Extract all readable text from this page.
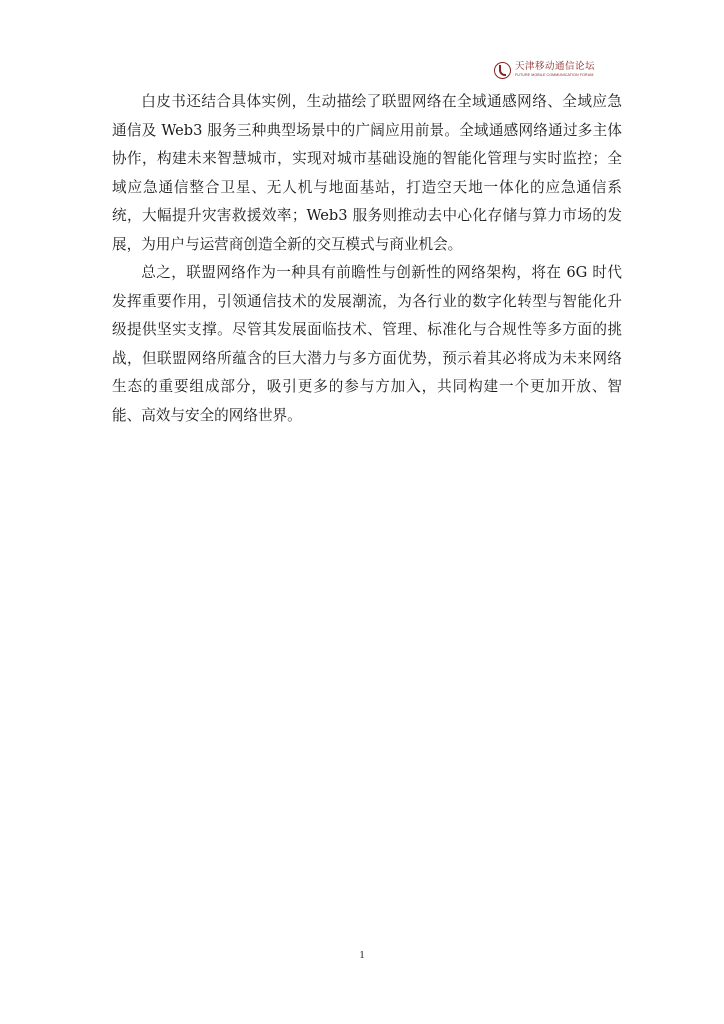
天津移动通信论坛
FUTURE MOBILE COMMUNICATION FORUM

白皮书还结合具体实例，生动描绘了联盟网络在全域通感网络、全域应急通信及 Web3 服务三种典型场景中的广阔应用前景。全域通感网络通过多主体协作，构建未来智慧城市，实现对城市基础设施的智能化管理与实时监控；全域应急通信整合卫星、无人机与地面基站，打造空天地一体化的应急通信系统，大幅提升灾害救援效率；Web3 服务则推动去中心化存储与算力市场的发展，为用户与运营商创造全新的交互模式与商业机会。

总之，联盟网络作为一种具有前瞻性与创新性的网络架构，将在 6G 时代发挥重要作用，引领通信技术的发展潮流，为各行业的数字化转型与智能化升级提供坚实支撑。尽管其发展面临技术、管理、标准化与合规性等多方面的挑战，但联盟网络所蕴含的巨大潜力与多方面优势，预示着其必将成为未来网络生态的重要组成部分，吸引更多的参与方加入，共同构建一个更加开放、智能、高效与安全的网络世界。

1
